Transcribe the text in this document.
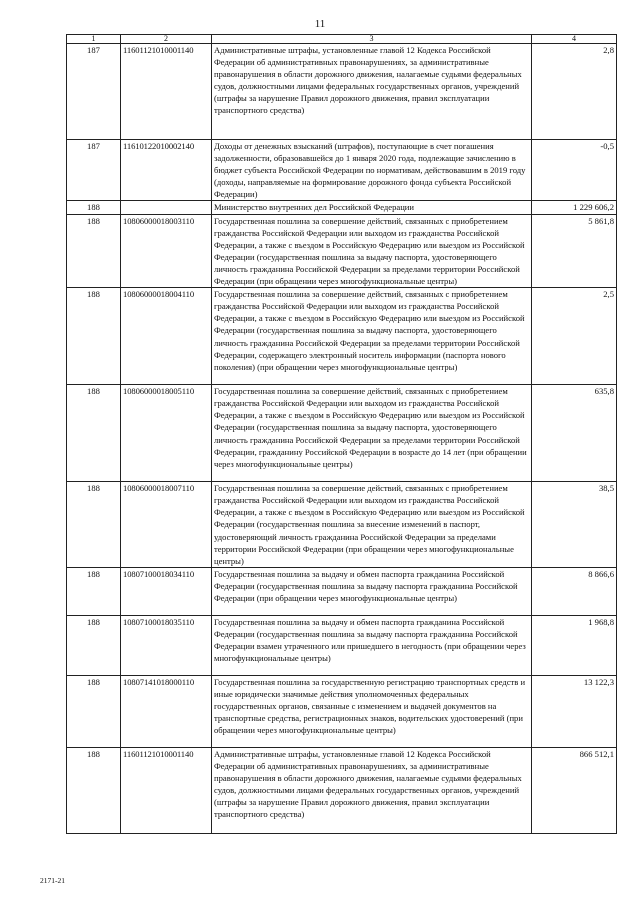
11
1	2	3	4
187	11601121010001140	Административные штрафы, установленные главой 12 Кодекса Российской Федерации об административных правонарушениях, за административные правонарушения в области дорожного движения, налагаемые судьями федеральных судов, должностными лицами федеральных государственных органов, учреждений (штрафы за нарушение Правил дорожного движения, правил эксплуатации транспортного средства)	2,8
187	11610122010002140	Доходы от денежных взысканий (штрафов), поступающие в счет погашения задолженности, образовавшейся до 1 января 2020 года, подлежащие зачислению в бюджет субъекта Российской Федерации по нормативам, действовавшим в 2019 году (доходы, направляемые на формирование дорожного фонда субъекта Российской Федерации)	-0,5
188		Министерство внутренних дел Российской Федерации	1 229 606,2
188	10806000018003110	Государственная пошлина за совершение действий, связанных с приобретением гражданства Российской Федерации или выходом из гражданства Российской Федерации, а также с въездом в Российскую Федерацию или выездом из Российской Федерации (государственная пошлина за выдачу паспорта, удостоверяющего личность гражданина Российской Федерации за пределами территории Российской Федерации (при обращении через многофункциональные центры)	5 861,8
188	10806000018004110	Государственная пошлина за совершение действий, связанных с приобретением гражданства Российской Федерации или выходом из гражданства Российской Федерации, а также с въездом в Российскую Федерацию или выездом из Российской Федерации (государственная пошлина за выдачу паспорта, удостоверяющего личность гражданина Российской Федерации за пределами территории Российской Федерации, содержащего электронный носитель информации (паспорта нового поколения) (при обращении через многофункциональные центры)	2,5
188	10806000018005110	Государственная пошлина за совершение действий, связанных с приобретением гражданства Российской Федерации или выходом из гражданства Российской Федерации, а также с въездом в Российскую Федерацию или выездом из Российской Федерации (государственная пошлина за выдачу паспорта, удостоверяющего личность гражданина Российской Федерации за пределами территории Российской Федерации, гражданину Российской Федерации в возрасте до 14 лет (при обращении через многофункциональные центры)	635,8
188	10806000018007110	Государственная пошлина за совершение действий, связанных с приобретением гражданства Российской Федерации или выходом из гражданства Российской Федерации, а также с въездом в Российскую Федерацию или выездом из Российской Федерации (государственная пошлина за внесение изменений в паспорт, удостоверяющий личность гражданина Российской Федерации за пределами территории Российской Федерации (при обращении через многофункциональные центры)	38,5
188	10807100018034110	Государственная пошлина за выдачу и обмен паспорта гражданина Российской Федерации (государственная пошлина за выдачу паспорта гражданина Российской Федерации (при обращении через многофункциональные центры)	8 866,6
188	10807100018035110	Государственная пошлина за выдачу и обмен паспорта гражданина Российской Федерации (государственная пошлина за выдачу паспорта гражданина Российской Федерации взамен утраченного или пришедшего в негодность (при обращении через многофункциональные центры)	1 968,8
188	10807141018000110	Государственная пошлина за государственную регистрацию транспортных средств и иные юридически значимые действия уполномоченных федеральных государственных органов, связанные с изменением и выдачей документов на транспортные средства, регистрационных знаков, водительских удостоверений (при обращении через многофункциональные центры)	13 122,3
188	11601121010001140	Административные штрафы, установленные главой 12 Кодекса Российской Федерации об административных правонарушениях, за административные правонарушения в области дорожного движения, налагаемые судьями федеральных судов, должностными лицами федеральных государственных органов, учреждений (штрафы за нарушение Правил дорожного движения, правил эксплуатации транспортного средства)	866 512,1
2171-21
